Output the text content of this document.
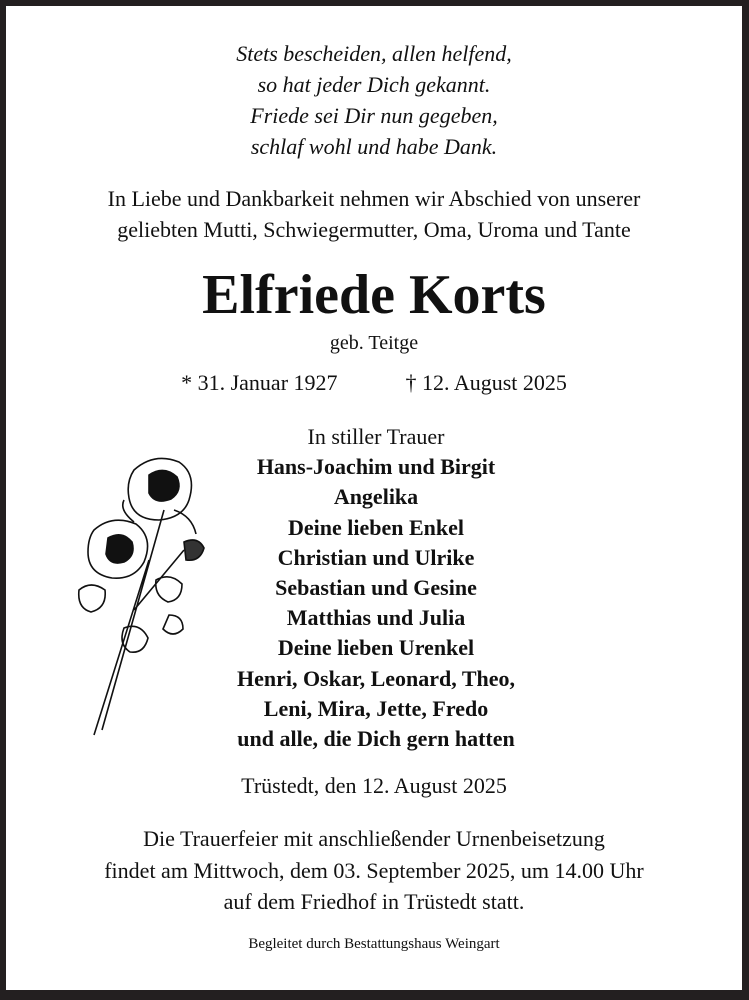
Stets bescheiden, allen helfend,
so hat jeder Dich gekannt.
Friede sei Dir nun gegeben,
schlaf wohl und habe Dank.
In Liebe und Dankbarkeit nehmen wir Abschied von unserer
geliebten Mutti, Schwiegermutter, Oma, Uroma und Tante
Elfriede Korts
geb. Teitge
* 31. Januar 1927	† 12. August 2025
In stiller Trauer
Hans-Joachim und Birgit
Angelika
Deine lieben Enkel
Christian und Ulrike
Sebastian und Gesine
Matthias und Julia
Deine lieben Urenkel
Henri, Oskar, Leonard, Theo,
Leni, Mira, Jette, Fredo
und alle, die Dich gern hatten
Trüstedt, den 12. August 2025
Die Trauerfeier mit anschließender Urnenbeisetzung
findet am Mittwoch, dem 03. September 2025, um 14.00 Uhr
auf dem Friedhof in Trüstedt statt.
Begleitet durch Bestattungshaus Weingart
